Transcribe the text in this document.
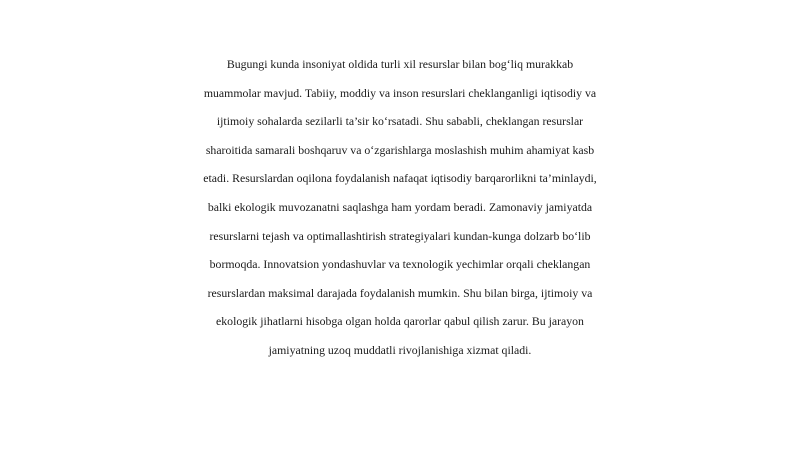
Bugungi kunda insoniyat oldida turli xil resurslar bilan bog‘liq murakkab
muammolar mavjud. Tabiiy, moddiy va inson resurslari cheklanganligi iqtisodiy va
ijtimoiy sohalarda sezilarli ta’sir ko‘rsatadi. Shu sababli, cheklangan resurslar
sharoitida samarali boshqaruv va o‘zgarishlarga moslashish muhim ahamiyat kasb
etadi. Resurslardan oqilona foydalanish nafaqat iqtisodiy barqarorlikni ta’minlaydi,
balki ekologik muvozanatni saqlashga ham yordam beradi. Zamonaviy jamiyatda
resurslarni tejash va optimallashtirish strategiyalari kundan-kunga dolzarb bo‘lib
bormoqda. Innovatsion yondashuvlar va texnologik yechimlar orqali cheklangan
resurslardan maksimal darajada foydalanish mumkin. Shu bilan birga, ijtimoiy va
ekologik jihatlarni hisobga olgan holda qarorlar qabul qilish zarur. Bu jarayon
jamiyatning uzoq muddatli rivojlanishiga xizmat qiladi.
